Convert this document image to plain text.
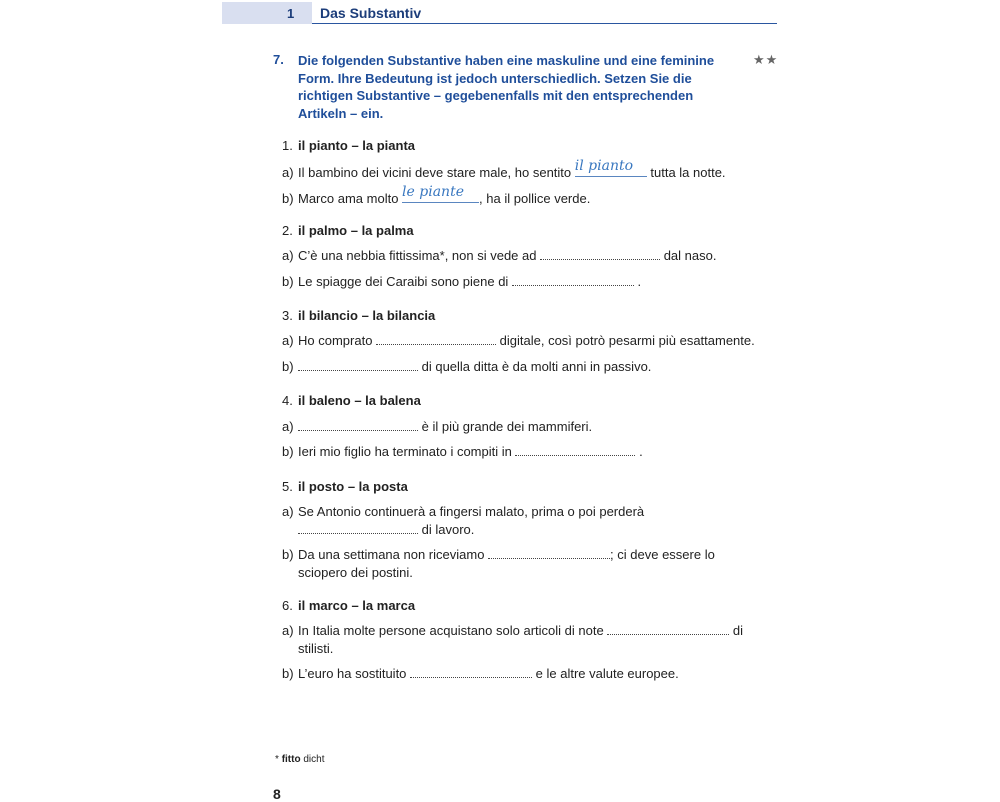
1 Das Substantiv
7. Die folgenden Substantive haben eine maskuline und eine feminine Form. Ihre Bedeutung ist jedoch unterschiedlich. Setzen Sie die richtigen Substantive – gegebenenfalls mit den entsprechenden Artikeln – ein.
★★
1. il pianto – la pianta
a) Il bambino dei vicini deve stare male, ho sentito il pianto tutta la notte.
b) Marco ama molto le piante , ha il pollice verde.
2. il palmo – la palma
a) C’è una nebbia fittissima*, non si vede ad	dal naso.
b) Le spiagge dei Caraibi sono piene di	.
3. il bilancio – la bilancia
a) Ho comprato	digitale, così potrò pesarmi più esattamente.
b)	di quella ditta è da molti anni in passivo.
4. il baleno – la balena
a)	è il più grande dei mammiferi.
b) Ieri mio figlio ha terminato i compiti in	.
5. il posto – la posta
a) Se Antonio continuerà a fingersi malato, prima o poi perderà
di lavoro.
b) Da una settimana non riceviamo	; ci deve essere lo
sciopero dei postini.
6. il marco – la marca
a) In Italia molte persone acquistano solo articoli di note	di
stilisti.
b) L’euro ha sostituito	e le altre valute europee.
* fitto dicht
8
